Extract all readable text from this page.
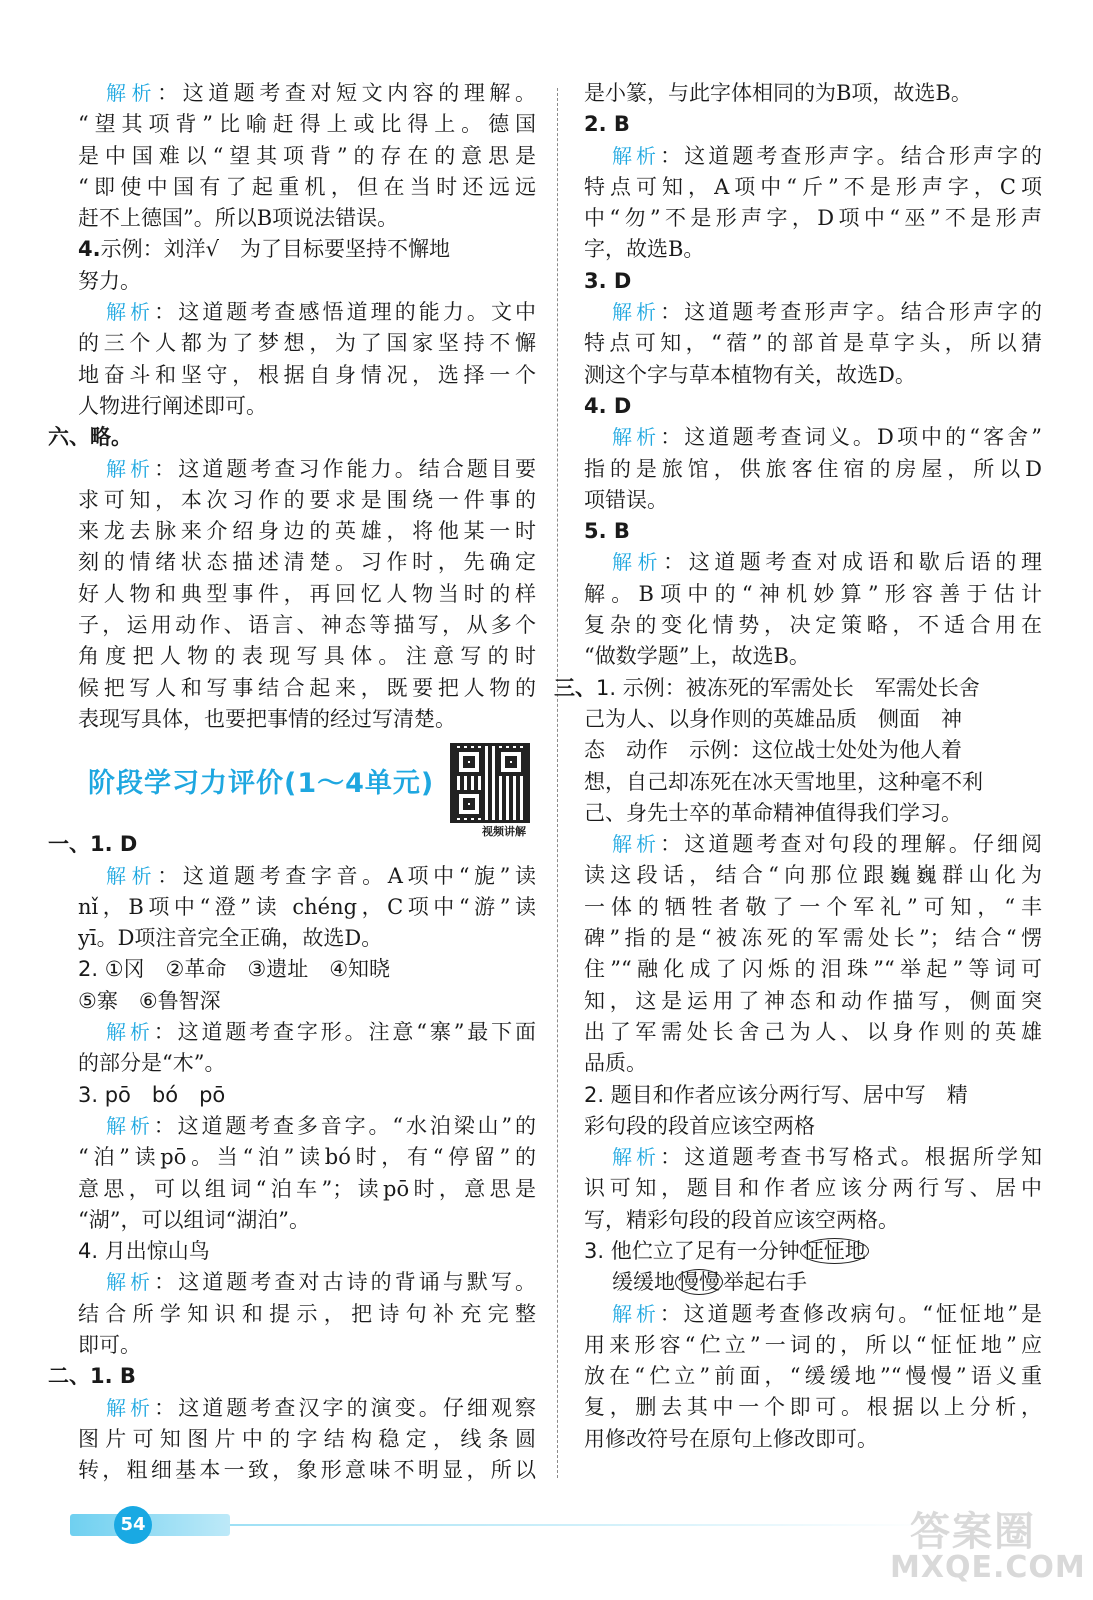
解析：这道题考查对短文内容的理解。
“望其项背”比喻赶得上或比得上。德国
是中国难以“望其项背”的存在的意思是
“即使中国有了起重机，但在当时还远远
赶不上德国”。所以B项说法错误。
4.示例：刘洋√　为了目标要坚持不懈地
努力。
解析：这道题考查感悟道理的能力。文中
的三个人都为了梦想，为了国家坚持不懈
地奋斗和坚守，根据自身情况，选择一个
人物进行阐述即可。
六、略。
解析：这道题考查习作能力。结合题目要
求可知，本次习作的要求是围绕一件事的
来龙去脉来介绍身边的英雄，将他某一时
刻的情绪状态描述清楚。习作时，先确定
好人物和典型事件，再回忆人物当时的样
子，运用动作、语言、神态等描写，从多个
角度把人物的表现写具体。注意写的时
候把写人和写事结合起来，既要把人物的
表现写具体，也要把事情的经过写清楚。
阶段学习力评价(1～4单元)
视频讲解
一、1. D
解析：这道题考查字音。A项中“旎”读
nǐ，B项中“澄”读 chéng，C项中“游”读
yī。D项注音完全正确，故选D。
2. ①冈　②革命　③遗址　④知晓
⑤寨　⑥鲁智深
解析：这道题考查字形。注意“寨”最下面
的部分是“木”。
3. pō　bó　pō
解析：这道题考查多音字。“水泊梁山”的
“泊”读pō。当“泊”读bó时，有“停留”的
意思，可以组词“泊车”；读pō时，意思是
“湖”，可以组词“湖泊”。
4. 月出惊山鸟
解析：这道题考查对古诗的背诵与默写。
结合所学知识和提示，把诗句补充完整
即可。
二、1. B
解析：这道题考查汉字的演变。仔细观察
图片可知图片中的字结构稳定，线条圆
转，粗细基本一致，象形意味不明显，所以
是小篆，与此字体相同的为B项，故选B。
2. B
解析：这道题考查形声字。结合形声字的
特点可知，A项中“斤”不是形声字，C项
中“勿”不是形声字，D项中“巫”不是形声
字，故选B。
3. D
解析：这道题考查形声字。结合形声字的
特点可知，“蓿”的部首是草字头，所以猜
测这个字与草本植物有关，故选D。
4. D
解析：这道题考查词义。D项中的“客舍”
指的是旅馆，供旅客住宿的房屋，所以D
项错误。
5. B
解析：这道题考查对成语和歇后语的理
解。B项中的“神机妙算”形容善于估计
复杂的变化情势，决定策略，不适合用在
“做数学题”上，故选B。
三、1. 示例：被冻死的军需处长　军需处长舍
己为人、以身作则的英雄品质　侧面　神
态　动作　示例：这位战士处处为他人着
想，自己却冻死在冰天雪地里，这种毫不利
己、身先士卒的革命精神值得我们学习。
解析：这道题考查对句段的理解。仔细阅
读这段话，结合“向那位跟巍巍群山化为
一体的牺牲者敬了一个军礼”可知，“丰
碑”指的是“被冻死的军需处长”；结合“愣
住”“融化成了闪烁的泪珠”“举起”等词可
知，这是运用了神态和动作描写，侧面突
出了军需处长舍己为人、以身作则的英雄
品质。
2. 题目和作者应该分两行写、居中写　精
彩句段的段首应该空两格
解析：这道题考查书写格式。根据所学知
识可知，题目和作者应该分两行写、居中
写，精彩句段的段首应该空两格。
3. 他伫立了足有一分钟 怔怔地
缓缓地 慢慢 举起右手
解析：这道题考查修改病句。“怔怔地”是
用来形容“伫立”一词的，所以“怔怔地”应
放在“伫立”前面，“缓缓地”“慢慢”语义重
复，删去其中一个即可。根据以上分析，
用修改符号在原句上修改即可。
54	答案圈
MXQE.COM
